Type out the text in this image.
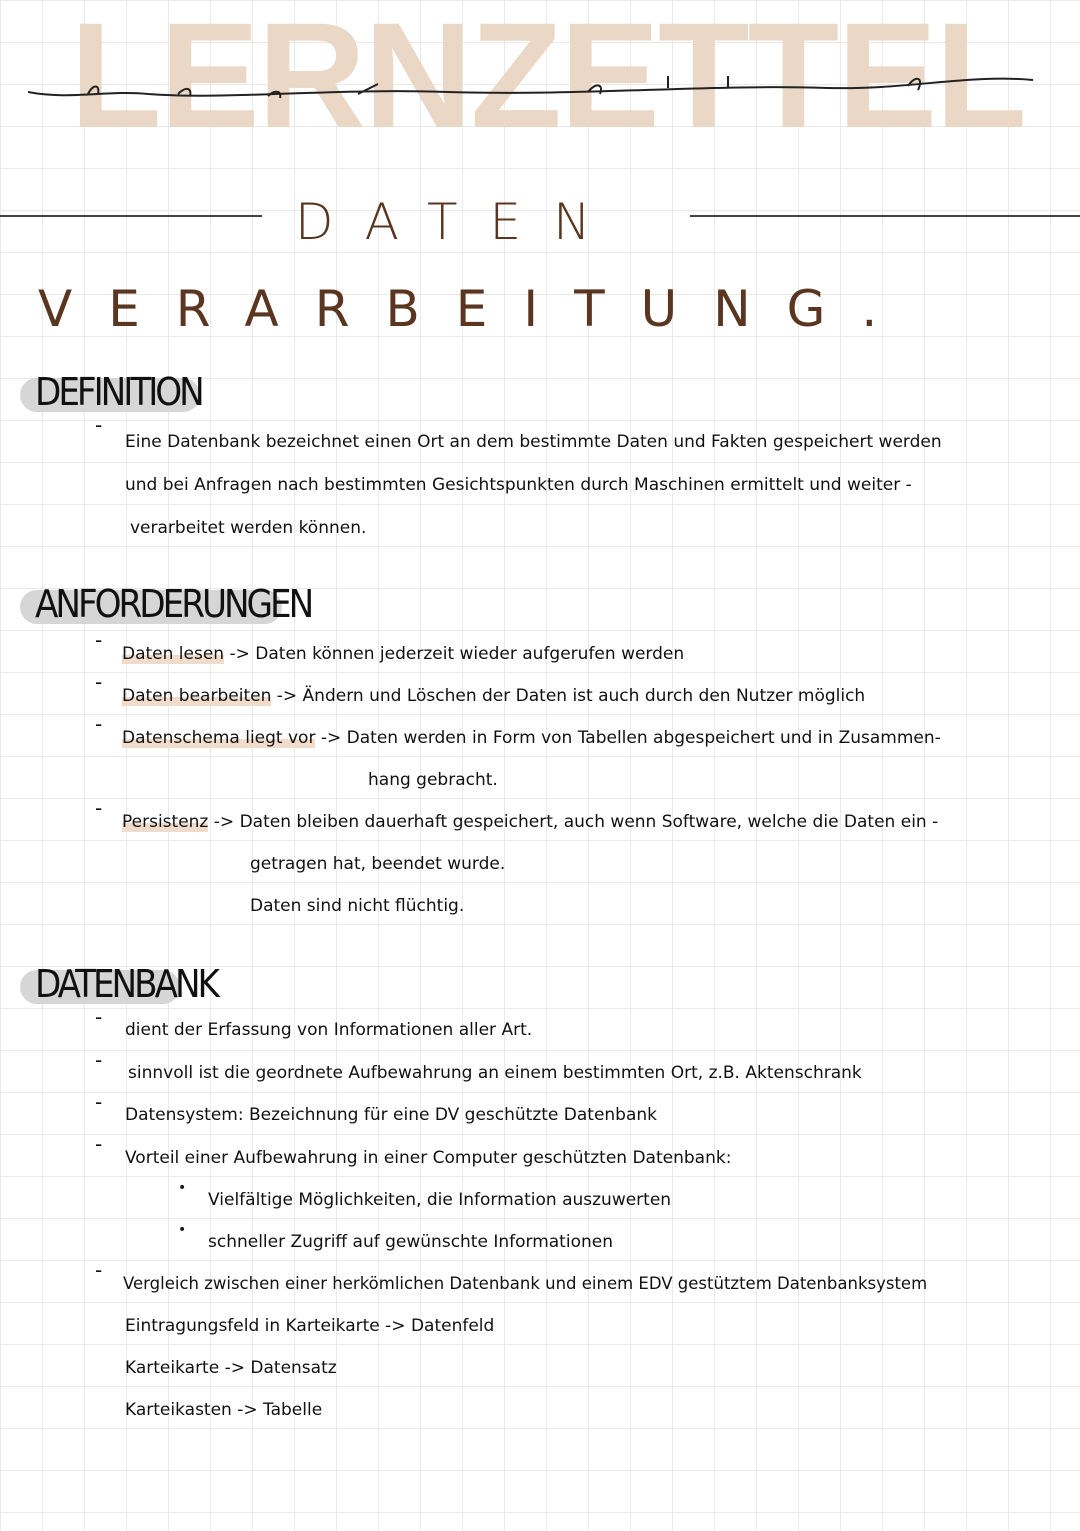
LERNZETTEL
DATEN
VERARBEITUNG.
DEFINITION
-
Eine Datenbank bezeichnet einen Ort an dem bestimmte Daten und Fakten gespeichert werden
und bei Anfragen nach bestimmten Gesichtspunkten durch Maschinen ermittelt und weiter -
verarbeitet werden können.
ANFORDERUNGEN
-
Daten lesen -> Daten können jederzeit wieder aufgerufen werden
-
Daten bearbeiten -> Ändern und Löschen der Daten ist auch durch den Nutzer möglich
-
Datenschema liegt vor -> Daten werden in Form von Tabellen abgespeichert und in Zusammen-
hang gebracht.
-
Persistenz -> Daten bleiben dauerhaft gespeichert, auch wenn Software, welche die Daten ein -
getragen hat, beendet wurde.
Daten sind nicht flüchtig.
DATENBANK
-
dient der Erfassung von Informationen aller Art.
-
sinnvoll ist die geordnete Aufbewahrung an einem bestimmten Ort, z.B. Aktenschrank
-
Datensystem: Bezeichnung für eine DV geschützte Datenbank
-
Vorteil einer Aufbewahrung in einer Computer geschützten Datenbank:
•
Vielfältige Möglichkeiten, die Information auszuwerten
•
schneller Zugriff auf gewünschte Informationen
-
Vergleich zwischen einer herkömlichen Datenbank und einem EDV gestütztem Datenbanksystem
Eintragungsfeld in Karteikarte -> Datenfeld
Karteikarte -> Datensatz
Karteikasten -> Tabelle
